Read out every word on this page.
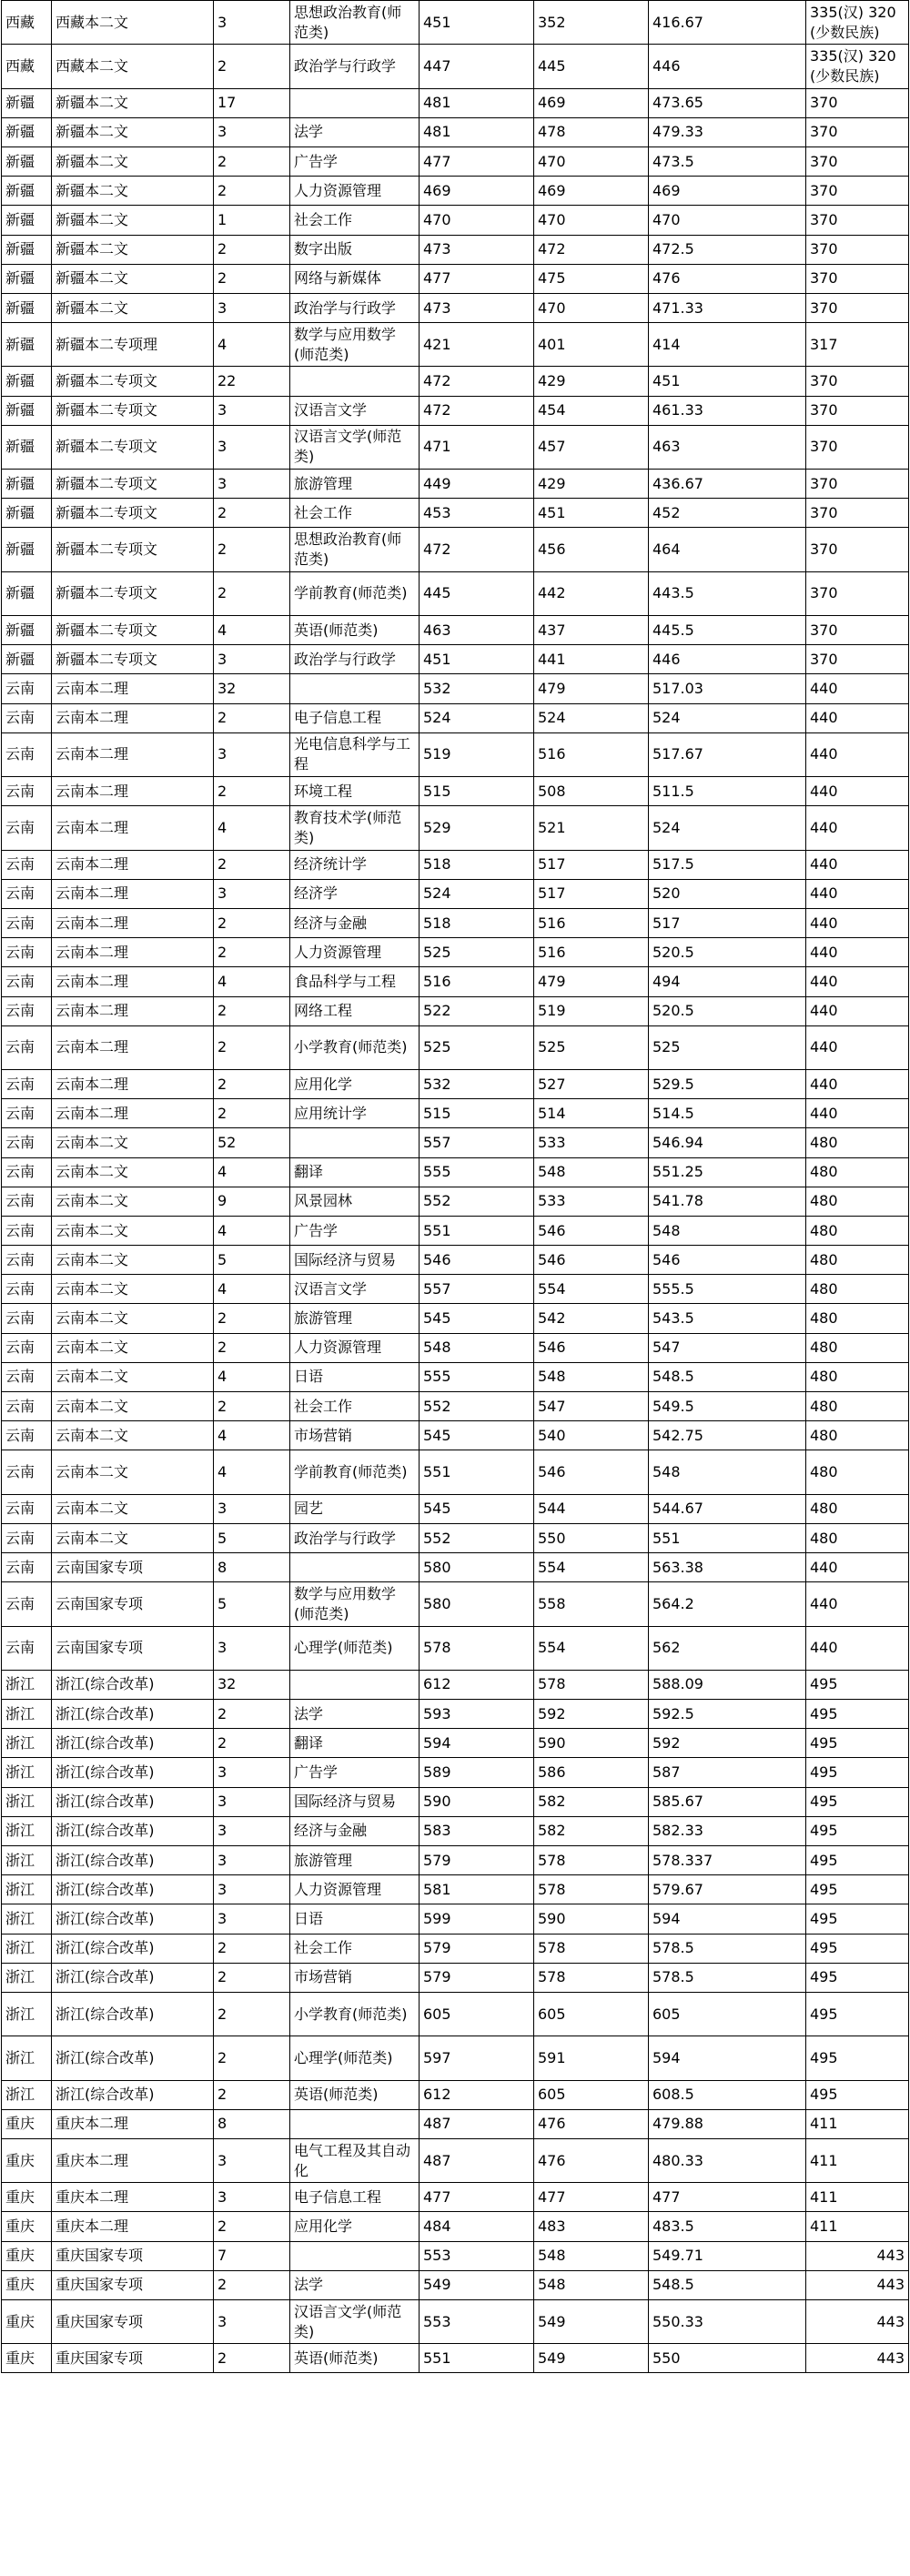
西藏	西藏本二文	3	思想政治教育(师范类)	451	352	416.67	335(汉) 320(少数民族)
西藏	西藏本二文	2	政治学与行政学	447	445	446	335(汉) 320(少数民族)
新疆	新疆本二文	17		481	469	473.65	370
新疆	新疆本二文	3	法学	481	478	479.33	370
新疆	新疆本二文	2	广告学	477	470	473.5	370
新疆	新疆本二文	2	人力资源管理	469	469	469	370
新疆	新疆本二文	1	社会工作	470	470	470	370
新疆	新疆本二文	2	数字出版	473	472	472.5	370
新疆	新疆本二文	2	网络与新媒体	477	475	476	370
新疆	新疆本二文	3	政治学与行政学	473	470	471.33	370
新疆	新疆本二专项理	4	数学与应用数学(师范类)	421	401	414	317
新疆	新疆本二专项文	22		472	429	451	370
新疆	新疆本二专项文	3	汉语言文学	472	454	461.33	370
新疆	新疆本二专项文	3	汉语言文学(师范类)	471	457	463	370
新疆	新疆本二专项文	3	旅游管理	449	429	436.67	370
新疆	新疆本二专项文	2	社会工作	453	451	452	370
新疆	新疆本二专项文	2	思想政治教育(师范类)	472	456	464	370
新疆	新疆本二专项文	2	学前教育(师范类)	445	442	443.5	370
新疆	新疆本二专项文	4	英语(师范类)	463	437	445.5	370
新疆	新疆本二专项文	3	政治学与行政学	451	441	446	370
云南	云南本二理	32		532	479	517.03	440
云南	云南本二理	2	电子信息工程	524	524	524	440
云南	云南本二理	3	光电信息科学与工程	519	516	517.67	440
云南	云南本二理	2	环境工程	515	508	511.5	440
云南	云南本二理	4	教育技术学(师范类)	529	521	524	440
云南	云南本二理	2	经济统计学	518	517	517.5	440
云南	云南本二理	3	经济学	524	517	520	440
云南	云南本二理	2	经济与金融	518	516	517	440
云南	云南本二理	2	人力资源管理	525	516	520.5	440
云南	云南本二理	4	食品科学与工程	516	479	494	440
云南	云南本二理	2	网络工程	522	519	520.5	440
云南	云南本二理	2	小学教育(师范类)	525	525	525	440
云南	云南本二理	2	应用化学	532	527	529.5	440
云南	云南本二理	2	应用统计学	515	514	514.5	440
云南	云南本二文	52		557	533	546.94	480
云南	云南本二文	4	翻译	555	548	551.25	480
云南	云南本二文	9	风景园林	552	533	541.78	480
云南	云南本二文	4	广告学	551	546	548	480
云南	云南本二文	5	国际经济与贸易	546	546	546	480
云南	云南本二文	4	汉语言文学	557	554	555.5	480
云南	云南本二文	2	旅游管理	545	542	543.5	480
云南	云南本二文	2	人力资源管理	548	546	547	480
云南	云南本二文	4	日语	555	548	548.5	480
云南	云南本二文	2	社会工作	552	547	549.5	480
云南	云南本二文	4	市场营销	545	540	542.75	480
云南	云南本二文	4	学前教育(师范类)	551	546	548	480
云南	云南本二文	3	园艺	545	544	544.67	480
云南	云南本二文	5	政治学与行政学	552	550	551	480
云南	云南国家专项	8		580	554	563.38	440
云南	云南国家专项	5	数学与应用数学(师范类)	580	558	564.2	440
云南	云南国家专项	3	心理学(师范类)	578	554	562	440
浙江	浙江(综合改革)	32		612	578	588.09	495
浙江	浙江(综合改革)	2	法学	593	592	592.5	495
浙江	浙江(综合改革)	2	翻译	594	590	592	495
浙江	浙江(综合改革)	3	广告学	589	586	587	495
浙江	浙江(综合改革)	3	国际经济与贸易	590	582	585.67	495
浙江	浙江(综合改革)	3	经济与金融	583	582	582.33	495
浙江	浙江(综合改革)	3	旅游管理	579	578	578.337	495
浙江	浙江(综合改革)	3	人力资源管理	581	578	579.67	495
浙江	浙江(综合改革)	3	日语	599	590	594	495
浙江	浙江(综合改革)	2	社会工作	579	578	578.5	495
浙江	浙江(综合改革)	2	市场营销	579	578	578.5	495
浙江	浙江(综合改革)	2	小学教育(师范类)	605	605	605	495
浙江	浙江(综合改革)	2	心理学(师范类)	597	591	594	495
浙江	浙江(综合改革)	2	英语(师范类)	612	605	608.5	495
重庆	重庆本二理	8		487	476	479.88	411
重庆	重庆本二理	3	电气工程及其自动化	487	476	480.33	411
重庆	重庆本二理	3	电子信息工程	477	477	477	411
重庆	重庆本二理	2	应用化学	484	483	483.5	411
重庆	重庆国家专项	7		553	548	549.71	443
重庆	重庆国家专项	2	法学	549	548	548.5	443
重庆	重庆国家专项	3	汉语言文学(师范类)	553	549	550.33	443
重庆	重庆国家专项	2	英语(师范类)	551	549	550	443
